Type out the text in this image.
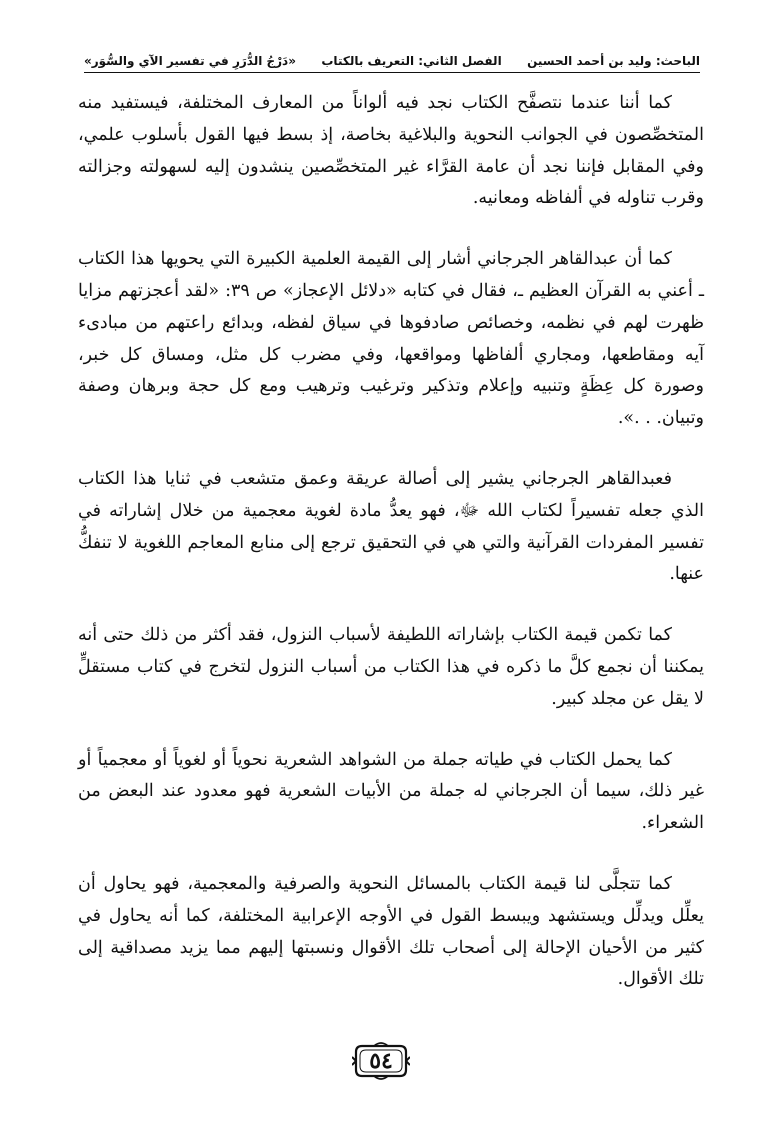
الباحث: وليد بن أحمد الحسين
الفصل الثاني: التعريف بالكتاب
«دَرْجُ الدُّرَرِ في تفسير الآي والسُّوَر»

كما أننا عندما نتصفَّح الكتاب نجد فيه ألواناً من المعارف المختلفة، فيستفيد منه المتخصِّصون في الجوانب النحوية والبلاغية بخاصة، إذ بسط فيها القول بأسلوب علمي، وفي المقابل فإننا نجد أن عامة القرَّاء غير المتخصِّصين ينشدون إليه لسهولته وجزالته وقرب تناوله في ألفاظه ومعانيه.

كما أن عبدالقاهر الجرجاني أشار إلى القيمة العلمية الكبيرة التي يحويها هذا الكتاب ـ أعني به القرآن العظيم ـ، فقال في كتابه «دلائل الإعجاز» ص ٣٩: «لقد أعجزتهم مزايا ظهرت لهم في نظمه، وخصائص صادفوها في سياق لفظه، وبدائع راعتهم من مبادىء آيه ومقاطعها، ومجاري ألفاظها ومواقعها، وفي مضرب كل مثل، ومساق كل خبر، وصورة كل عِظَةٍ وتنبيه وإعلام وتذكير وترغيب وترهيب ومع كل حجة وبرهان وصفة وتبيان. . .».

فعبدالقاهر الجرجاني يشير إلى أصالة عريقة وعمق متشعب في ثنايا هذا الكتاب الذي جعله تفسيراً لكتاب الله ﷻ، فهو يعدُّ مادة لغوية معجمية من خلال إشاراته في تفسير المفردات القرآنية والتي هي في التحقيق ترجع إلى منابع المعاجم اللغوية لا تنفكُّ عنها.

كما تكمن قيمة الكتاب بإشاراته اللطيفة لأسباب النزول، فقد أكثر من ذلك حتى أنه يمكننا أن نجمع كلَّ ما ذكره في هذا الكتاب من أسباب النزول لتخرج في كتاب مستقلٍّ لا يقل عن مجلد كبير.

كما يحمل الكتاب في طياته جملة من الشواهد الشعرية نحوياً أو لغوياً أو معجمياً أو غير ذلك، سيما أن الجرجاني له جملة من الأبيات الشعرية فهو معدود عند البعض من الشعراء.

كما تتجلَّى لنا قيمة الكتاب بالمسائل النحوية والصرفية والمعجمية، فهو يحاول أن يعلِّل ويدلِّل ويستشهد ويبسط القول في الأوجه الإعرابية المختلفة، كما أنه يحاول في كثير من الأحيان الإحالة إلى أصحاب تلك الأقوال ونسبتها إليهم مما يزيد مصداقية إلى تلك الأقوال.

٥٤
